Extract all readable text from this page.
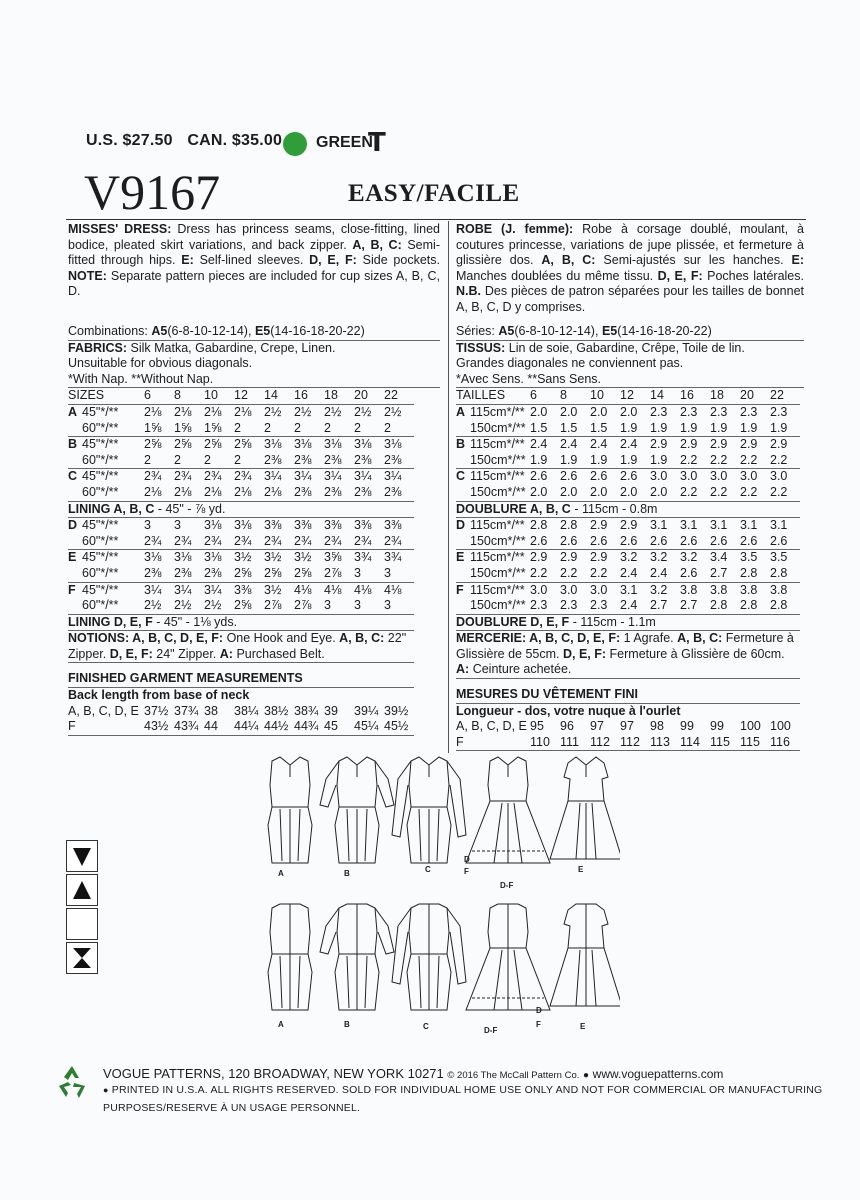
U.S. $27.50 CAN. $35.00	GREEN
T
V9167	EASY/FACILE
MISSES' DRESS: Dress has princess seams, close-fitting, lined bodice, pleated skirt variations, and back zipper. A, B, C: Semi-fitted through hips. E: Self-lined sleeves. D, E, F: Side pockets. NOTE: Separate pattern pieces are included for cup sizes A, B, C, D.
Combinations: A5(6-8-10-12-14), E5(14-16-18-20-22)
FABRICS: Silk Matka, Gabardine, Crepe, Linen.
Unsuitable for obvious diagonals.
*With Nap. **Without Nap.
SIZES		6	8	10	12	14	16	18	20	22
A	45"*/**	2⅛	2⅛	2⅛	2⅛	2½	2½	2½	2½	2½
	60"*/**	1⅝	1⅝	1⅝	2	2	2	2	2	2
B	45"*/**	2⅝	2⅝	2⅝	2⅝	3⅛	3⅛	3⅛	3⅛	3⅛
	60"*/**	2	2	2	2	2⅜	2⅜	2⅜	2⅜	2⅜
C	45"*/**	2¾	2¾	2¾	2¾	3¼	3¼	3¼	3¼	3¼
	60"*/**	2⅛	2⅛	2⅛	2⅛	2⅛	2⅜	2⅜	2⅜	2⅜
LINING A, B, C - 45" - ⅞ yd.										
D	45"*/**	3	3	3⅛	3⅛	3⅜	3⅜	3⅜	3⅜	3⅜
	60"*/**	2¾	2¾	2¾	2¾	2¾	2¾	2¾	2¾	2¾
E	45"*/**	3⅛	3⅛	3⅛	3½	3½	3½	3⅝	3¾	3¾
	60"*/**	2⅜	2⅜	2⅜	2⅝	2⅝	2⅝	2⅞	3	3
F	45"*/**	3¼	3¼	3¼	3⅜	3½	4⅛	4⅛	4⅛	4⅛
	60"*/**	2½	2½	2½	2⅝	2⅞	2⅞	3	3	3
LINING D, E, F - 45" - 1⅛ yds.										
NOTIONS: A, B, C, D, E, F: One Hook and Eye. A, B, C: 22" Zipper. D, E, F: 24" Zipper. A: Purchased Belt.										

FINISHED GARMENT MEASUREMENTS										
Back length from base of neck										
A, B, C, D, E		37½	37¾	38	38¼	38½	38¾	39	39¼	39½
F		43½	43¾	44	44¼	44½	44¾	45	45¼	45½
ROBE (J. femme): Robe à corsage doublé, moulant, à coutures princesse, variations de jupe plissée, et fermeture à glissière dos. A, B, C: Semi-ajustés sur les hanches. E: Manches doublées du même tissu. D, E, F: Poches latérales. N.B. Des pièces de patron séparées pour les tailles de bonnet A, B, C, D y comprises.
Séries: A5(6-8-10-12-14), E5(14-16-18-20-22)
TISSUS: Lin de soie, Gabardine, Crêpe, Toile de lin.
Grandes diagonales ne conviennent pas.
*Avec Sens. **Sans Sens.
TAILLES		6	8	10	12	14	16	18	20	22
A	115cm*/**	2.0	2.0	2.0	2.0	2.3	2.3	2.3	2.3	2.3
	150cm*/**	1.5	1.5	1.5	1.9	1.9	1.9	1.9	1.9	1.9
B	115cm*/**	2.4	2.4	2.4	2.4	2.9	2.9	2.9	2.9	2.9
	150cm*/**	1.9	1.9	1.9	1.9	1.9	2.2	2.2	2.2	2.2
C	115cm*/**	2.6	2.6	2.6	2.6	3.0	3.0	3.0	3.0	3.0
	150cm*/**	2.0	2.0	2.0	2.0	2.0	2.2	2.2	2.2	2.2
DOUBLURE A, B, C - 115cm - 0.8m										
D	115cm*/**	2.8	2.8	2.9	2.9	3.1	3.1	3.1	3.1	3.1
	150cm*/**	2.6	2.6	2.6	2.6	2.6	2.6	2.6	2.6	2.6
E	115cm*/**	2.9	2.9	2.9	3.2	3.2	3.2	3.4	3.5	3.5
	150cm*/**	2.2	2.2	2.2	2.4	2.4	2.6	2.7	2.8	2.8
F	115cm*/**	3.0	3.0	3.0	3.1	3.2	3.8	3.8	3.8	3.8
	150cm*/**	2.3	2.3	2.3	2.4	2.7	2.7	2.8	2.8	2.8
DOUBLURE D, E, F - 115cm - 1.1m										
MERCERIE: A, B, C, D, E, F: 1 Agrafe. A, B, C: Fermeture à Glissière de 55cm. D, E, F: Fermeture à Glissière de 60cm. A: Ceinture achetée.										

MESURES DU VÊTEMENT FINI										
Longueur - dos, votre nuque à l'ourlet										
A, B, C, D, E		95	96	97	97	98	99	99	100	100
F		110	111	112	112	113	114	115	115	116
A	B	C
D-F
E
D
F
A	B	C	D-F	E
D
F
VOGUE PATTERNS, 120 BROADWAY, NEW YORK 10271 © 2016 The McCall Pattern Co. ● www.voguepatterns.com
● PRINTED IN U.S.A. ALL RIGHTS RESERVED. SOLD FOR INDIVIDUAL HOME USE ONLY AND NOT FOR COMMERCIAL OR MANUFACTURING
PURPOSES/RESERVE À UN USAGE PERSONNEL.
